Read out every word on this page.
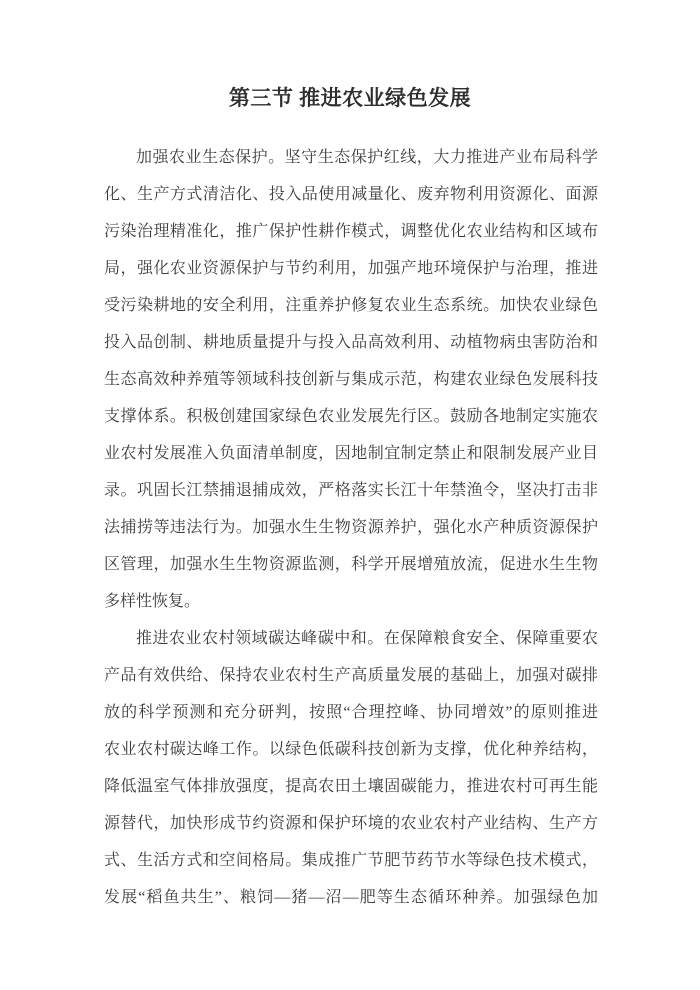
第三节 推进农业绿色发展
加强农业生态保护。坚守生态保护红线，大力推进产业布局科学
化、生产方式清洁化、投入品使用减量化、废弃物利用资源化、面源
污染治理精准化，推广保护性耕作模式，调整优化农业结构和区域布
局，强化农业资源保护与节约利用，加强产地环境保护与治理，推进
受污染耕地的安全利用，注重养护修复农业生态系统。加快农业绿色
投入品创制、耕地质量提升与投入品高效利用、动植物病虫害防治和
生态高效种养殖等领域科技创新与集成示范，构建农业绿色发展科技
支撑体系。积极创建国家绿色农业发展先行区。鼓励各地制定实施农
业农村发展准入负面清单制度，因地制宜制定禁止和限制发展产业目
录。巩固长江禁捕退捕成效，严格落实长江十年禁渔令，坚决打击非
法捕捞等违法行为。加强水生生物资源养护，强化水产种质资源保护
区管理，加强水生生物资源监测，科学开展增殖放流，促进水生生物
多样性恢复。
推进农业农村领域碳达峰碳中和。在保障粮食安全、保障重要农
产品有效供给、保持农业农村生产高质量发展的基础上，加强对碳排
放的科学预测和充分研判，按照“合理控峰、协同增效”的原则推进
农业农村碳达峰工作。以绿色低碳科技创新为支撑，优化种养结构，
降低温室气体排放强度，提高农田土壤固碳能力，推进农村可再生能
源替代，加快形成节约资源和保护环境的农业农村产业结构、生产方
式、生活方式和空间格局。集成推广节肥节药节水等绿色技术模式，
发展“稻鱼共生”、粮饲—猪—沼—肥等生态循环种养。加强绿色加
